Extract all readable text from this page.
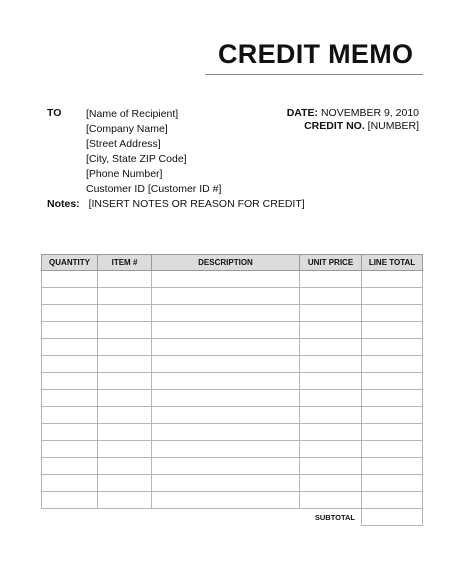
CREDIT MEMO
TO [Name of Recipient]
[Company Name]
[Street Address]
[City, State ZIP Code]
[Phone Number]
Customer ID [Customer ID #]
DATE: NOVEMBER 9, 2010
CREDIT NO. [NUMBER]
Notes: [INSERT NOTES OR REASON FOR CREDIT]
QUANTITY	ITEM #	DESCRIPTION	UNIT PRICE	LINE TOTAL

			SUBTOTAL	
